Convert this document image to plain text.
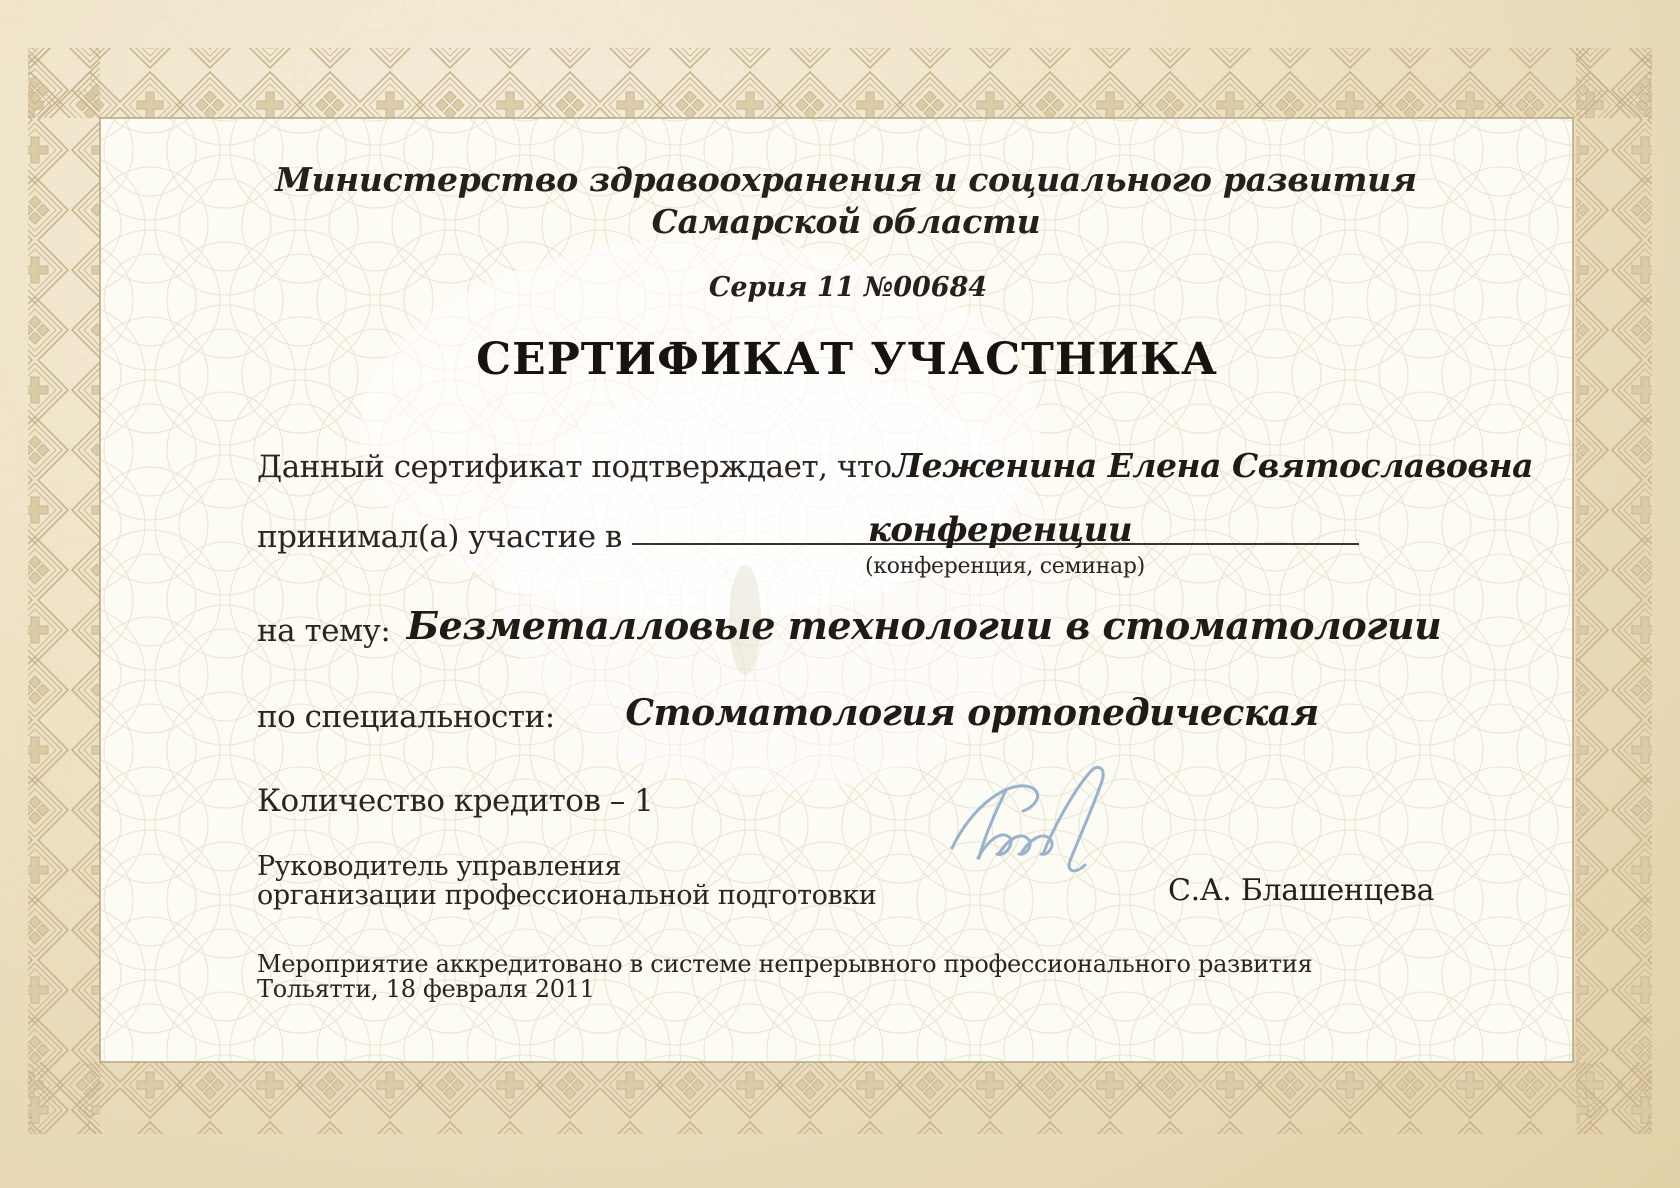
Министерство здравоохранения и социального развития
Самарской области
Серия 11 №00684
СЕРТИФИКАТ УЧАСТНИКА
Данный сертификат подтверждает, что Леженина Елена Святославовна
принимал(а) участие в	конференции
(конференция, семинар)
на тему: Безметалловые технологии в стоматологии
по специальности: Стоматология ортопедическая
Количество кредитов – 1
Руководитель управления
организации профессиональной подготовки	С.А. Блашенцева
Мероприятие аккредитовано в системе непрерывного профессионального развития
Тольятти, 18 февраля 2011
